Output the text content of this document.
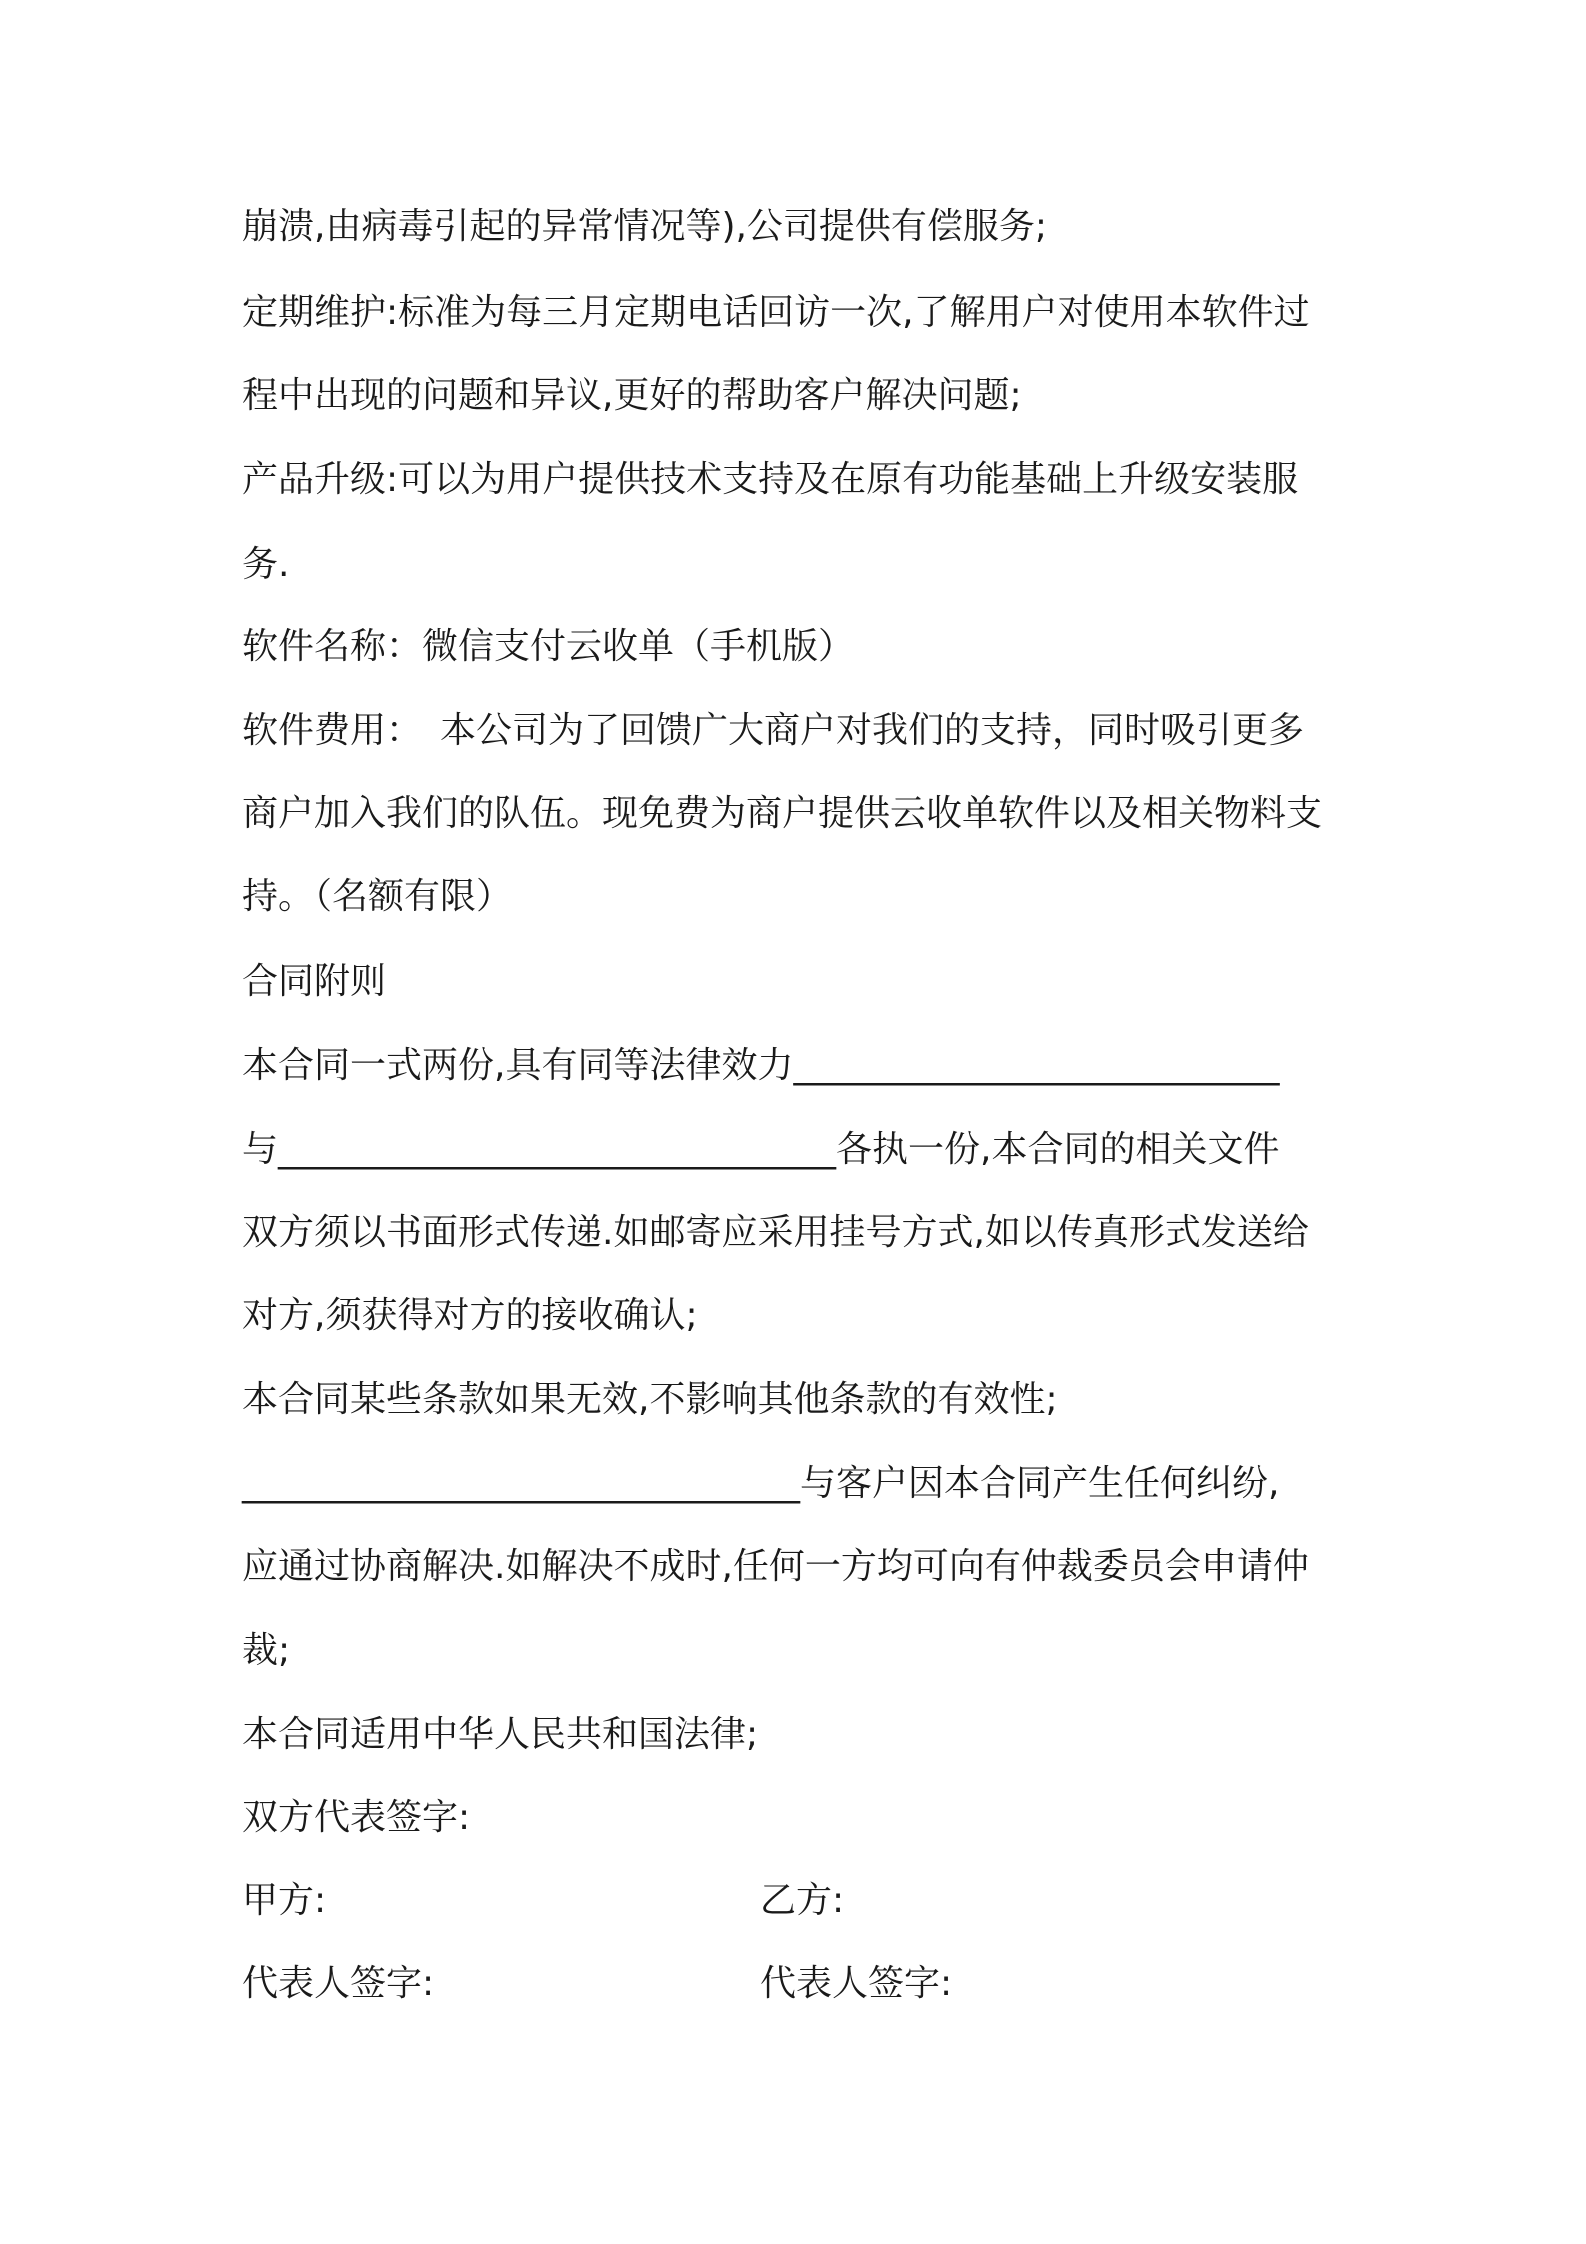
崩溃,由病毒引起的异常情况等),公司提供有偿服务;
定期维护:标准为每三月定期电话回访一次,了解用户对使用本软件过
程中出现的问题和异议,更好的帮助客户解决问题;
产品升级:可以为用户提供技术支持及在原有功能基础上升级安装服
务.
软件名称：微信支付云收单（手机版）
软件费用：　本公司为了回馈广大商户对我们的支持，同时吸引更多
商户加入我们的队伍。现免费为商户提供云收单软件以及相关物料支
持。（名额有限）
合同附则
本合同一式两份,具有同等法律效力___________________________
与_______________________________各执一份,本合同的相关文件
双方须以书面形式传递.如邮寄应采用挂号方式,如以传真形式发送给
对方,须获得对方的接收确认;
本合同某些条款如果无效,不影响其他条款的有效性;
_______________________________与客户因本合同产生任何纠纷,
应通过协商解决.如解决不成时,任何一方均可向有仲裁委员会申请仲
裁;
本合同适用中华人民共和国法律;
双方代表签字:
甲方:	乙方:
代表人签字:	代表人签字:
